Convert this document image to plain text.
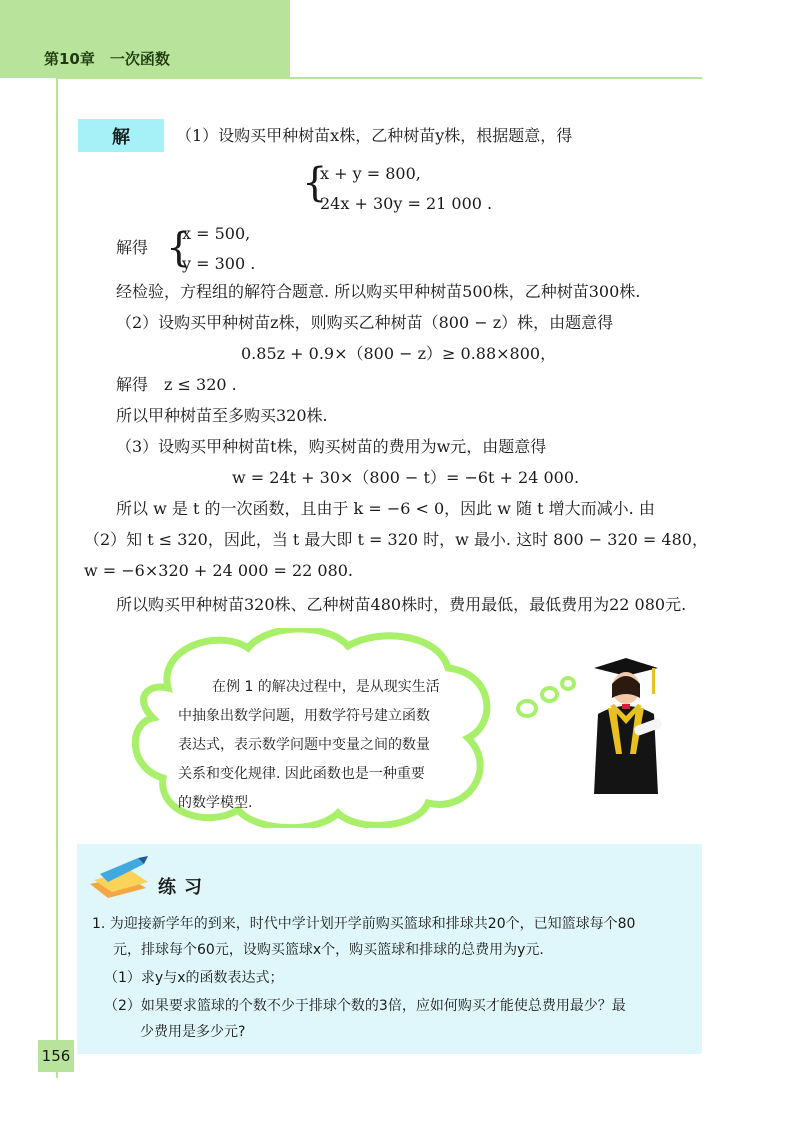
第10章　一次函数
解	（1）设购买甲种树苗x株，乙种树苗y株，根据题意，得
{
x + y = 800,
24x + 30y = 21 000 .
解得 {
x = 500,
y = 300 .
经检验，方程组的解符合题意. 所以购买甲种树苗500株，乙种树苗300株.
（2）设购买甲种树苗z株，则购买乙种树苗（800 − z）株，由题意得
0.85z + 0.9×（800 − z）≥ 0.88×800，
解得　z ≤ 320 .
所以甲种树苗至多购买320株.
（3）设购买甲种树苗t株，购买树苗的费用为w元，由题意得
w = 24t + 30×（800 − t）= −6t + 24 000.
所以 w 是 t 的一次函数，且由于 k = −6 < 0，因此 w 随 t 增大而减小. 由
（2）知 t ≤ 320，因此，当 t 最大即 t = 320 时，w 最小. 这时 800 − 320 = 480，
w = −6×320 + 24 000 = 22 080.
所以购买甲种树苗320株、乙种树苗480株时，费用最低，最低费用为22 080元.
在例 1 的解决过程中，是从现实生活
中抽象出数学问题，用数学符号建立函数
表达式，表示数学问题中变量之间的数量
关系和变化规律. 因此函数也是一种重要
的数学模型.
练习
1. 为迎接新学年的到来，时代中学计划开学前购买篮球和排球共20个，已知篮球每个80
元，排球每个60元，设购买篮球x个，购买篮球和排球的总费用为y元.
（1）求y与x的函数表达式；
（2）如果要求篮球的个数不少于排球个数的3倍，应如何购买才能使总费用最少？最
少费用是多少元?
156
